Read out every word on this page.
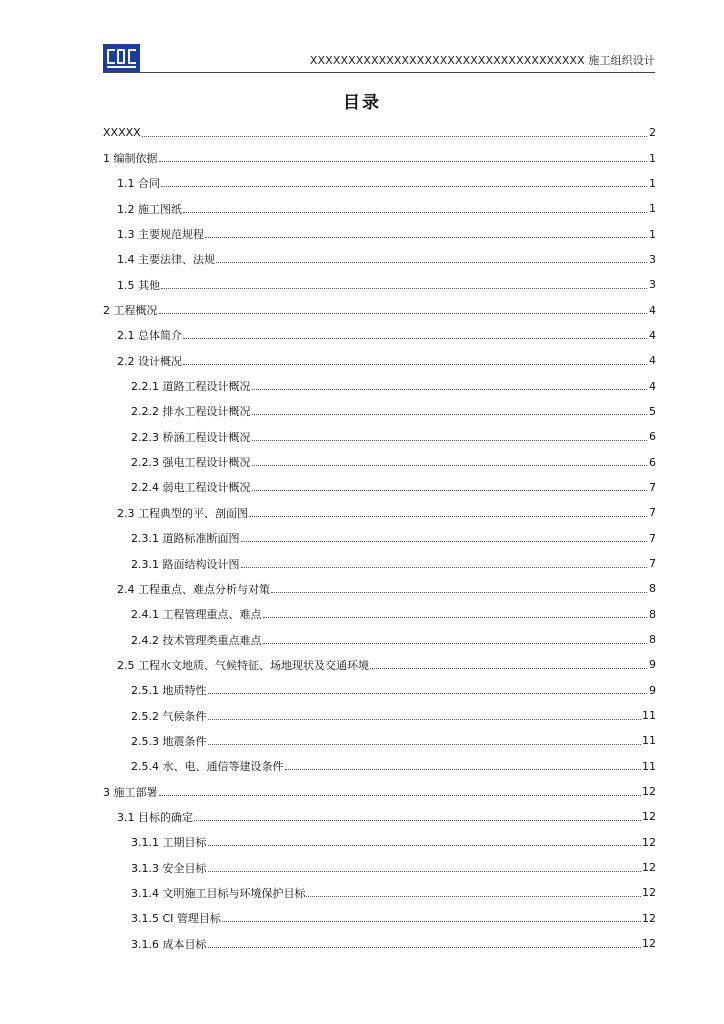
XXXXXXXXXXXXXXXXXXXXXXXXXXXXXXXXXXXX 施工组织设计
目录
XXXXX	2
1 编制依据	1
1.1 合同	1
1.2 施工图纸	1
1.3 主要规范规程	1
1.4 主要法律、法规	3
1.5 其他	3
2 工程概况	4
2.1 总体简介	4
2.2 设计概况	4
2.2.1 道路工程设计概况	4
2.2.2 排水工程设计概况	5
2.2.3 桥涵工程设计概况	6
2.2.3 强电工程设计概况	6
2.2.4 弱电工程设计概况	7
2.3 工程典型的平、剖面图	7
2.3.1 道路标准断面图	7
2.3.1 路面结构设计图	7
2.4 工程重点、难点分析与对策	8
2.4.1 工程管理重点、难点	8
2.4.2 技术管理类重点难点	8
2.5 工程水文地质、气候特征、场地现状及交通环境	9
2.5.1 地质特性	9
2.5.2 气候条件	11
2.5.3 地震条件	11
2.5.4 水、电、通信等建设条件	11
3 施工部署	12
3.1 目标的确定	12
3.1.1 工期目标	12
3.1.3 安全目标	12
3.1.4 文明施工目标与环境保护目标	12
3.1.5 CI 管理目标	12
3.1.6 成本目标	12
